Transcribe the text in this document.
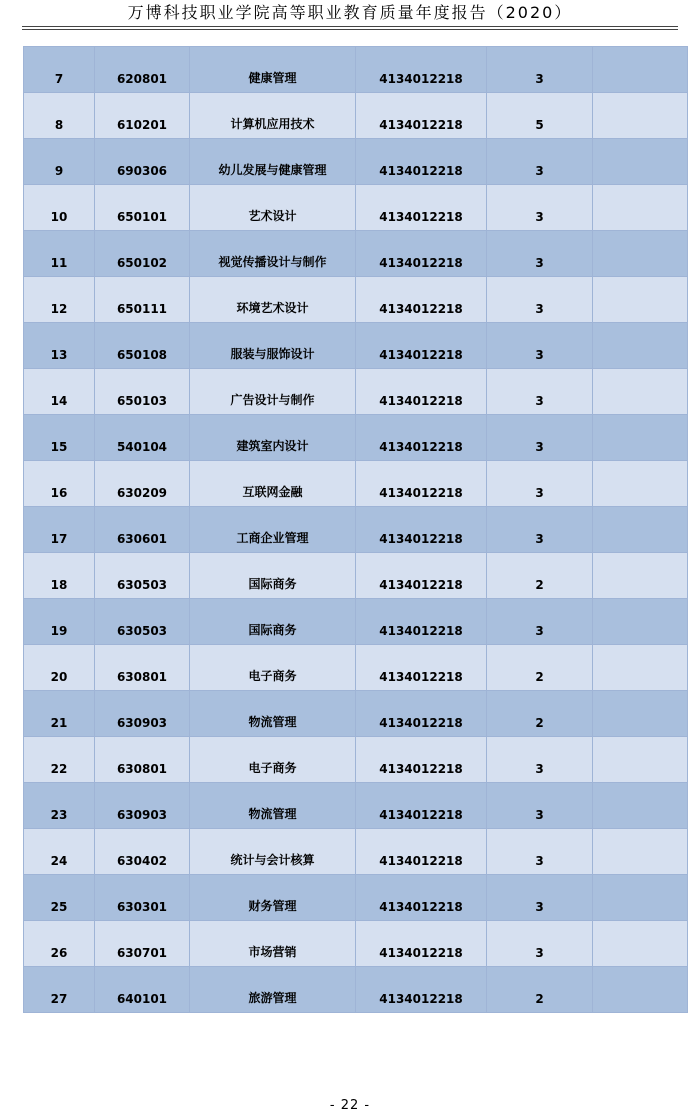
万博科技职业学院高等职业教育质量年度报告（2020）
7	620801	健康管理	4134012218	3	
8	610201	计算机应用技术	4134012218	5	
9	690306	幼儿发展与健康管理	4134012218	3	
10	650101	艺术设计	4134012218	3	
11	650102	视觉传播设计与制作	4134012218	3	
12	650111	环境艺术设计	4134012218	3	
13	650108	服装与服饰设计	4134012218	3	
14	650103	广告设计与制作	4134012218	3	
15	540104	建筑室内设计	4134012218	3	
16	630209	互联网金融	4134012218	3	
17	630601	工商企业管理	4134012218	3	
18	630503	国际商务	4134012218	2	
19	630503	国际商务	4134012218	3	
20	630801	电子商务	4134012218	2	
21	630903	物流管理	4134012218	2	
22	630801	电子商务	4134012218	3	
23	630903	物流管理	4134012218	3	
24	630402	统计与会计核算	4134012218	3	
25	630301	财务管理	4134012218	3	
26	630701	市场营销	4134012218	3	
27	640101	旅游管理	4134012218	2	
- 22 -
